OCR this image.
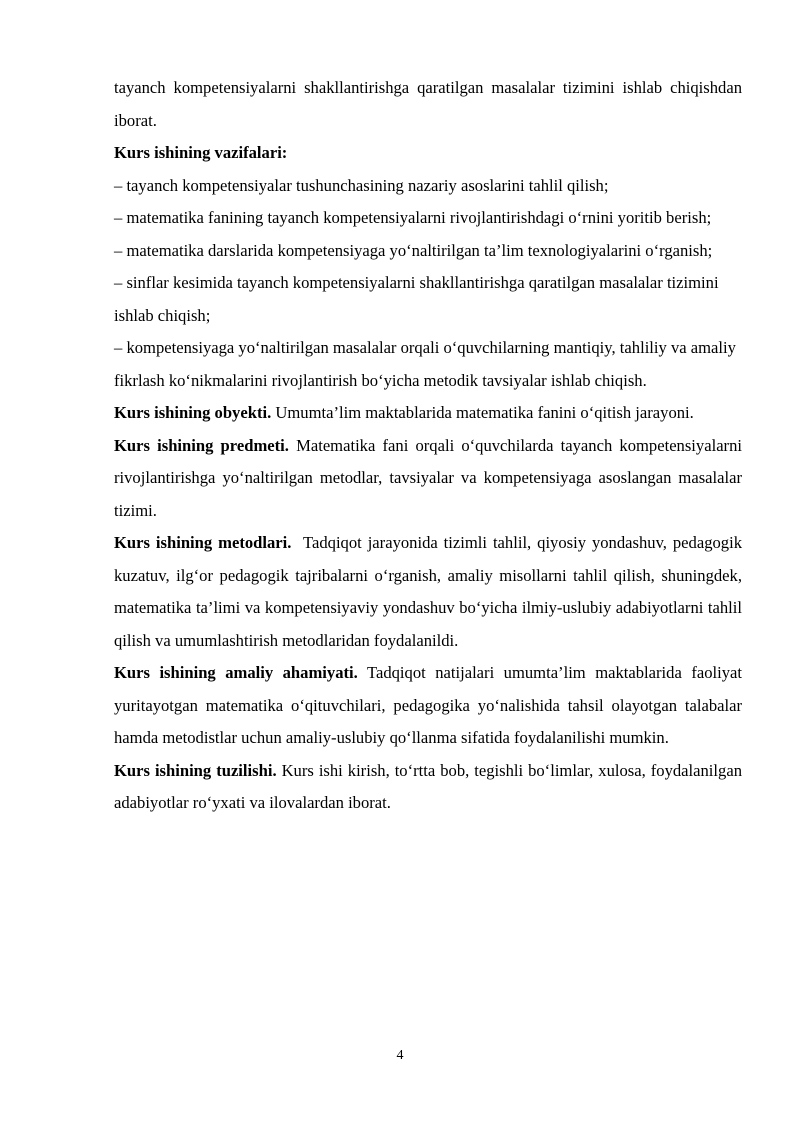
tayanch kompetensiyalarni shakllantirishga qaratilgan masalalar tizimini ishlab chiqishdan iborat.

Kurs ishining vazifalari:

– tayanch kompetensiyalar tushunchasining nazariy asoslarini tahlil qilish;

– matematika fanining tayanch kompetensiyalarni rivojlantirishdagi o‘rnini yoritib berish;

– matematika darslarida kompetensiyaga yo‘naltirilgan ta’lim texnologiyalarini o‘rganish;

– sinflar kesimida tayanch kompetensiyalarni shakllantirishga qaratilgan masalalar tizimini ishlab chiqish;

– kompetensiyaga yo‘naltirilgan masalalar orqali o‘quvchilarning mantiqiy, tahliliy va amaliy fikrlash ko‘nikmalarini rivojlantirish bo‘yicha metodik tavsiyalar ishlab chiqish.

Kurs ishining obyekti. Umumta’lim maktablarida matematika fanini o‘qitish jarayoni.

Kurs ishining predmeti. Matematika fani orqali o‘quvchilarda tayanch kompetensiyalarni rivojlantirishga yo‘naltirilgan metodlar, tavsiyalar va kompetensiyaga asoslangan masalalar tizimi.

Kurs ishining metodlari.  Tadqiqot jarayonida tizimli tahlil, qiyosiy yondashuv, pedagogik kuzatuv, ilg‘or pedagogik tajribalarni o‘rganish, amaliy misollarni tahlil qilish, shuningdek, matematika ta’limi va kompetensiyaviy yondashuv bo‘yicha ilmiy-uslubiy adabiyotlarni tahlil qilish va umumlashtirish metodlaridan foydalanildi.

Kurs ishining amaliy ahamiyati. Tadqiqot natijalari umumta’lim maktablarida faoliyat yuritayotgan matematika o‘qituvchilari, pedagogika yo‘nalishida tahsil olayotgan talabalar hamda metodistlar uchun amaliy-uslubiy qo‘llanma sifatida foydalanilishi mumkin.

Kurs ishining tuzilishi. Kurs ishi kirish, to‘rtta bob, tegishli bo‘limlar, xulosa, foydalanilgan adabiyotlar ro‘yxati va ilovalardan iborat.

4
